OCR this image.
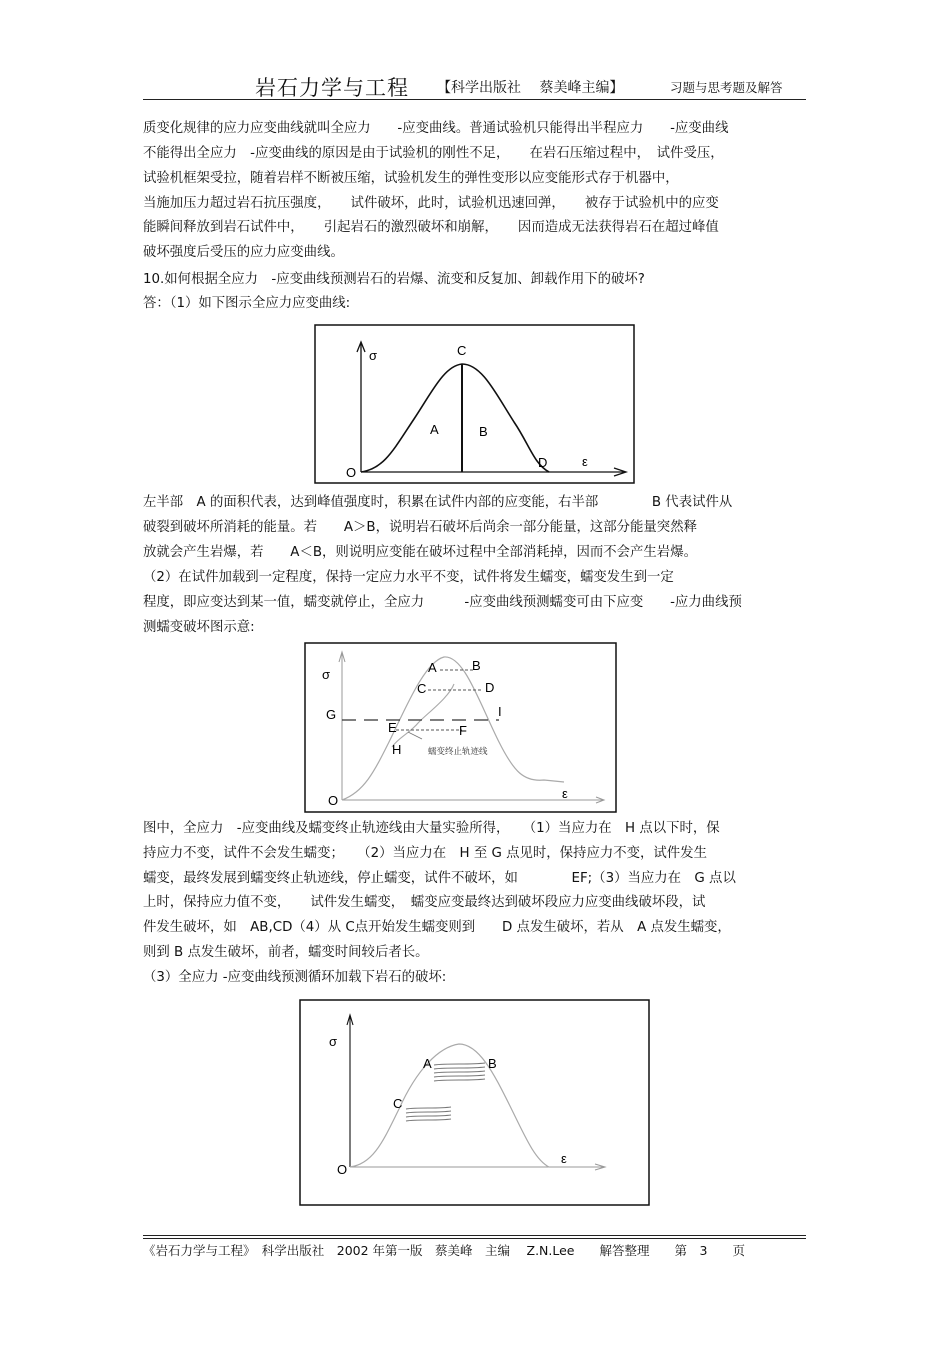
岩石力学与工程 【科学出版社　 蔡美峰主编】	习题与思考题及解答
质变化规律的应力应变曲线就叫全应力　　-应变曲线。普通试验机只能得出半程应力　　-应变曲线
不能得出全应力　-应变曲线的原因是由于试验机的刚性不足，　　在岩石压缩过程中，　试件受压，
试验机框架受拉，随着岩样不断被压缩，试验机发生的弹性变形以应变能形式存于机器中，
当施加压力超过岩石抗压强度，　　试件破坏，此时，试验机迅速回弹，　　被存于试验机中的应变
能瞬间释放到岩石试件中，　　引起岩石的激烈破坏和崩解，　　因而造成无法获得岩石在超过峰值
破坏强度后受压的应力应变曲线。
10.如何根据全应力　-应变曲线预测岩石的岩爆、流变和反复加、卸载作用下的破坏?
答：（1）如下图示全应力应变曲线:
σ	C
A	B
D	ε
O
左半部　A 的面积代表，达到峰值强度时，积累在试件内部的应变能，右半部　　　　B 代表试件从
破裂到破坏所消耗的能量。若　　A＞B，说明岩石破坏后尚余一部分能量，这部分能量突然释
放就会产生岩爆，若　　A＜B，则说明应变能在破坏过程中全部消耗掉，因而不会产生岩爆。
（2）在试件加载到一定程度，保持一定应力水平不变，试件将发生蠕变，蠕变发生到一定
程度，即应变达到某一值，蠕变就停止，全应力　　　-应变曲线预测蠕变可由下应变　　-应力曲线预
测蠕变破坏图示意:
σ	A	B
C	D
G	I
E	F
H	蠕变终止轨迹线
ε
O
图中，全应力　-应变曲线及蠕变终止轨迹线由大量实验所得，　　（1）当应力在　H 点以下时，保
持应力不变，试件不会发生蠕变；　　（2）当应力在　H 至 G 点见时，保持应力不变，试件发生
蠕变，最终发展到蠕变终止轨迹线，停止蠕变，试件不破坏，如　　　　EF;（3）当应力在　G 点以
上时，保持应力值不变，　　试件发生蠕变，　蠕变应变最终达到破坏段应力应变曲线破坏段，试
件发生破坏，如　AB,CD（4）从 C点开始发生蠕变则到　　D 点发生破坏，若从　A 点发生蠕变，
则到 B 点发生破坏，前者，蠕变时间较后者长。
（3）全应力 -应变曲线预测循环加载下岩石的破坏:
σ
A	B
C
ε
O
《岩石力学与工程》　科学出版社　2002 年第一版　蔡美峰　主编　 Z.N.Lee　　解答整理　　第　3　　页
